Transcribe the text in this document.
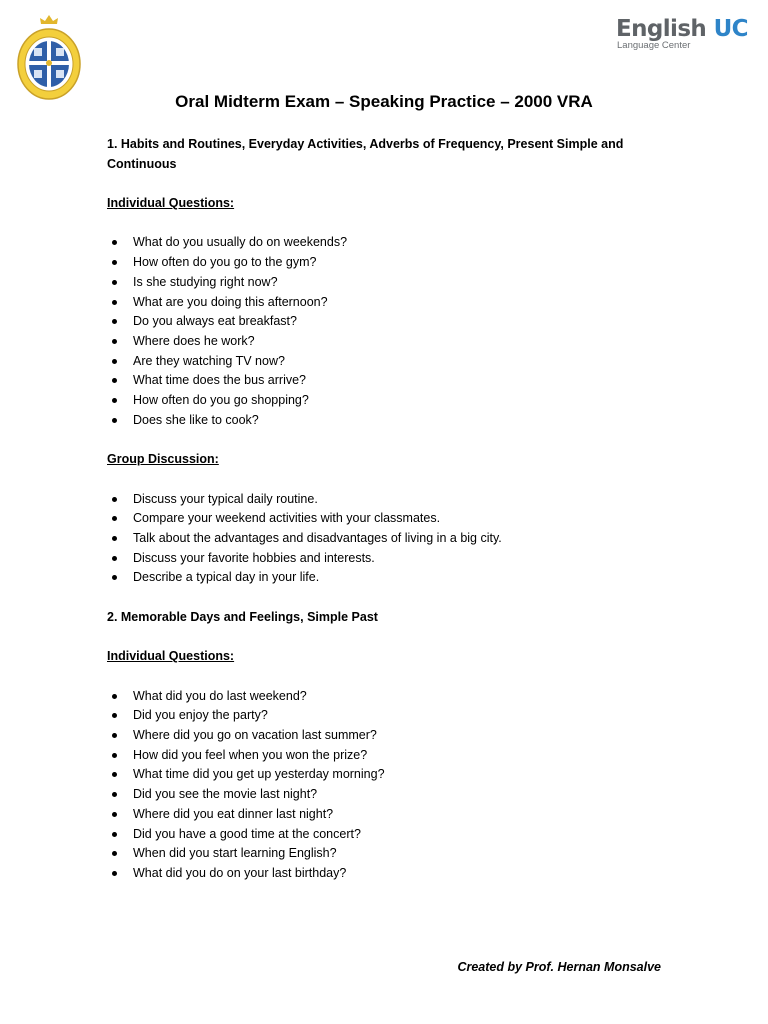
English UC
Language Center
Oral Midterm Exam – Speaking Practice – 2000 VRA

1. Habits and Routines, Everyday Activities, Adverbs of Frequency, Present Simple and Continuous

Individual Questions:

What do you usually do on weekends?
How often do you go to the gym?
Is she studying right now?
What are you doing this afternoon?
Do you always eat breakfast?
Where does he work?
Are they watching TV now?
What time does the bus arrive?
How often do you go shopping?
Does she like to cook?

Group Discussion:

Discuss your typical daily routine.
Compare your weekend activities with your classmates.
Talk about the advantages and disadvantages of living in a big city.
Discuss your favorite hobbies and interests.
Describe a typical day in your life.

2. Memorable Days and Feelings, Simple Past

Individual Questions:

What did you do last weekend?
Did you enjoy the party?
Where did you go on vacation last summer?
How did you feel when you won the prize?
What time did you get up yesterday morning?
Did you see the movie last night?
Where did you eat dinner last night?
Did you have a good time at the concert?
When did you start learning English?
What did you do on your last birthday?
Created by Prof. Hernan Monsalve
